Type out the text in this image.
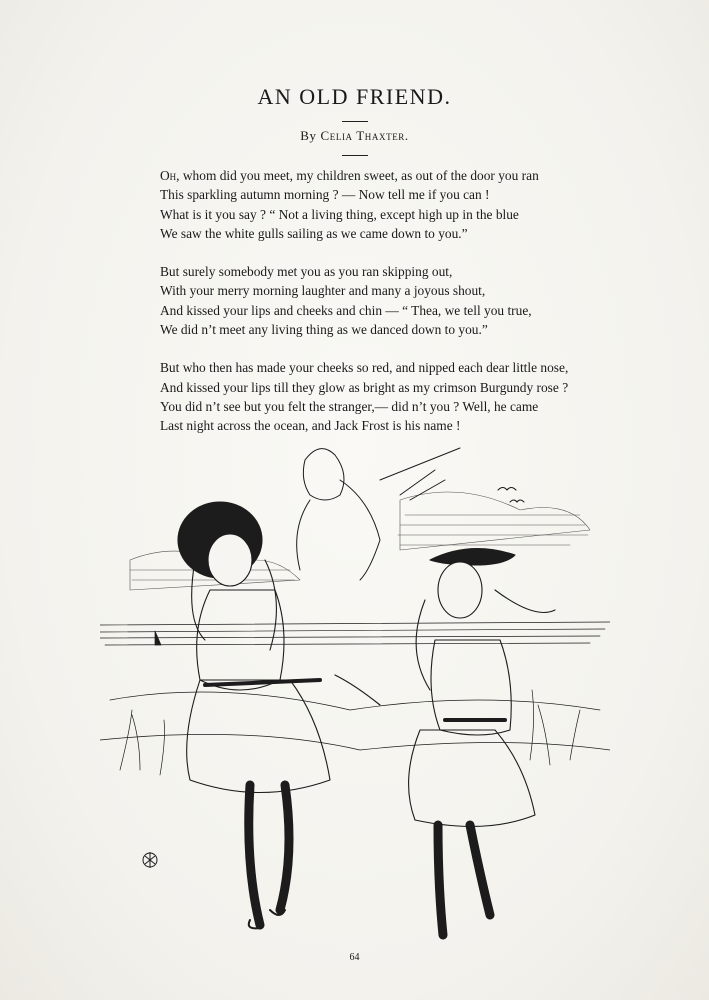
AN OLD FRIEND.
By Celia Thaxter.
Oh, whom did you meet, my children sweet, as out of the door you ran
This sparkling autumn morning ? — Now tell me if you can !
What is it you say ? “ Not a living thing, except high up in the blue
We saw the white gulls sailing as we came down to you.”
But surely somebody met you as you ran skipping out,
With your merry morning laughter and many a joyous shout,
And kissed your lips and cheeks and chin — “ Thea, we tell you true,
We did n’t meet any living thing as we danced down to you.”
But who then has made your cheeks so red, and nipped each dear little nose,
And kissed your lips till they glow as bright as my crimson Burgundy rose ?
You did n’t see but you felt the stranger,— did n’t you ? Well, he came
Last night across the ocean, and Jack Frost is his name !
64
